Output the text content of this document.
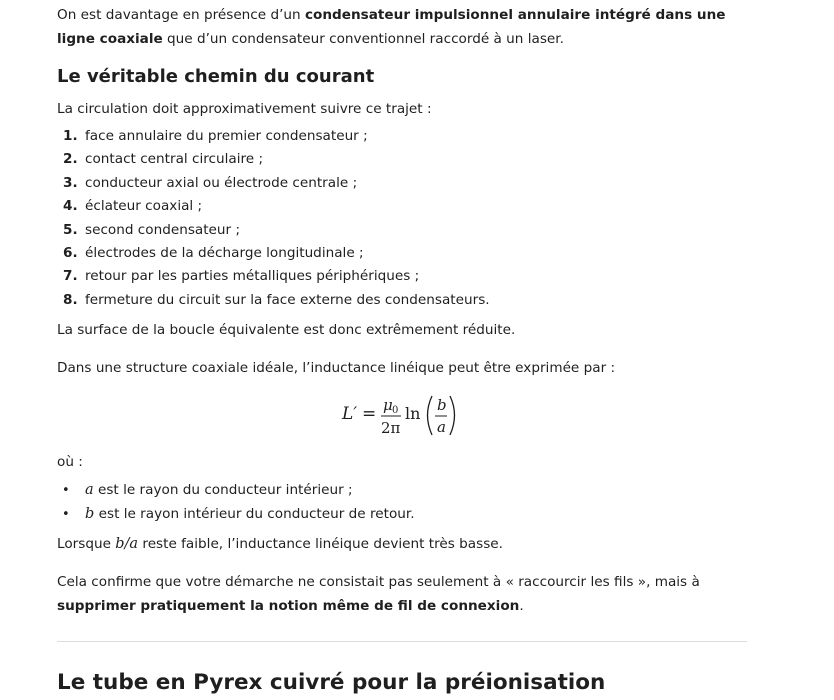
On est davantage en présence d’un condensateur impulsionnel annulaire intégré dans une ligne coaxiale que d’un condensateur conventionnel raccordé à un laser.

Le véritable chemin du courant

La circulation doit approximativement suivre ce trajet :

1. face annulaire du premier condensateur ;
2. contact central circulaire ;
3. conducteur axial ou électrode centrale ;
4. éclateur coaxial ;
5. second condensateur ;
6. électrodes de la décharge longitudinale ;
7. retour par les parties métalliques périphériques ;
8. fermeture du circuit sur la face externe des condensateurs.

La surface de la boucle équivalente est donc extrêmement réduite.

Dans une structure coaxiale idéale, l’inductance linéique peut être exprimée par :

L′ = μ 0
2π
ln b
a

où :

• a est le rayon du conducteur intérieur ;
• b est le rayon intérieur du conducteur de retour.

Lorsque b/a reste faible, l’inductance linéique devient très basse.

Cela confirme que votre démarche ne consistait pas seulement à « raccourcir les fils », mais à supprimer pratiquement la notion même de fil de connexion.

Le tube en Pyrex cuivré pour la préionisation
